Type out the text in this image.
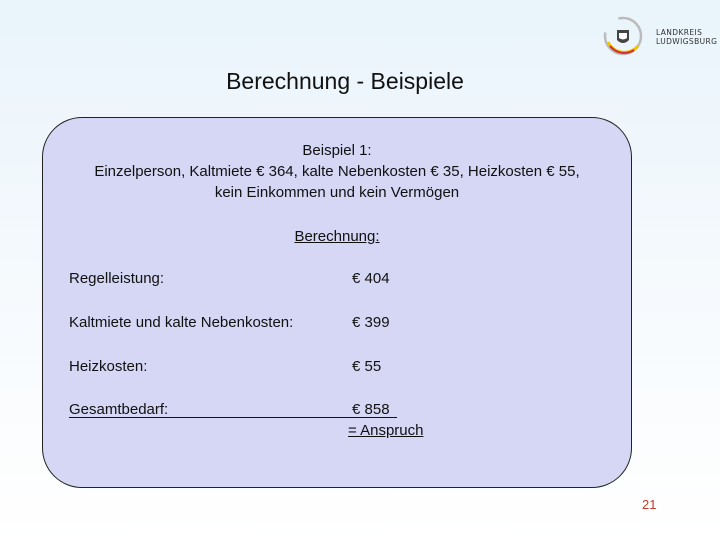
LANDKREIS
LUDWIGSBURG
Berechnung - Beispiele
Beispiel 1:
Einzelperson, Kaltmiete € 364, kalte Nebenkosten € 35, Heizkosten € 55,
kein Einkommen und kein Vermögen
Berechnung:
Regelleistung:	€ 404
Kaltmiete und kalte Nebenkosten:	€ 399
Heizkosten:	€ 55
Gesamtbedarf:	€ 858
= Anspruch
21
